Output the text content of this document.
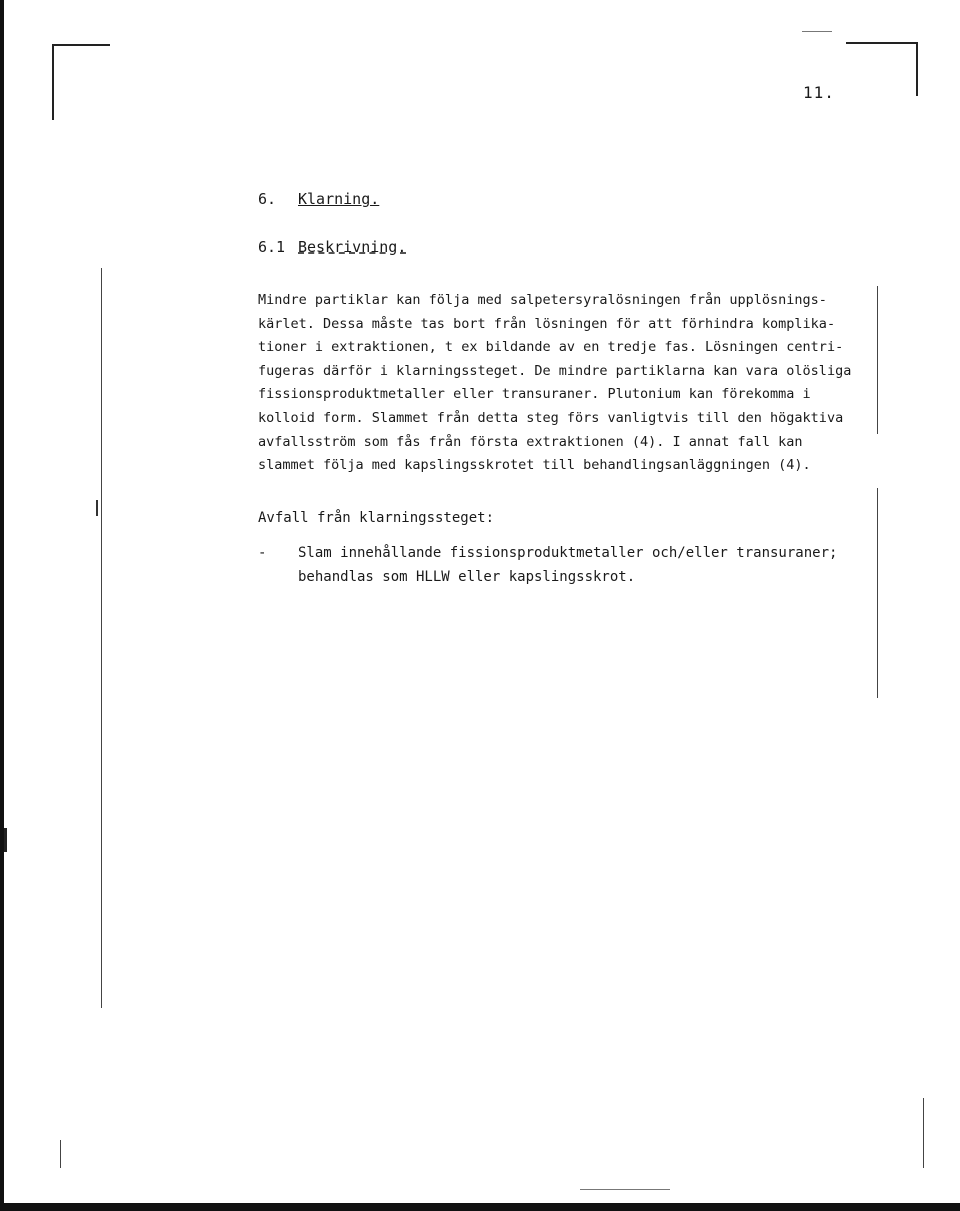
11.
6. Klarning.
6.1 Beskrivning.
Mindre partiklar kan följa med salpetersyralösningen från upplösnings-
kärlet. Dessa måste tas bort från lösningen för att förhindra komplika-
tioner i extraktionen, t ex bildande av en tredje fas. Lösningen centri-
fugeras därför i klarningssteget. De mindre partiklarna kan vara olösliga
fissionsproduktmetaller eller transuraner. Plutonium kan förekomma i
kolloid form. Slammet från detta steg förs vanligtvis till den högaktiva
avfallsström som fås från första extraktionen (4). I annat fall kan
slammet följa med kapslingsskrotet till behandlingsanläggningen (4).
Avfall från klarningssteget:
-	Slam innehållande fissionsproduktmetaller och/eller transuraner;
behandlas som HLLW eller kapslingsskrot.
